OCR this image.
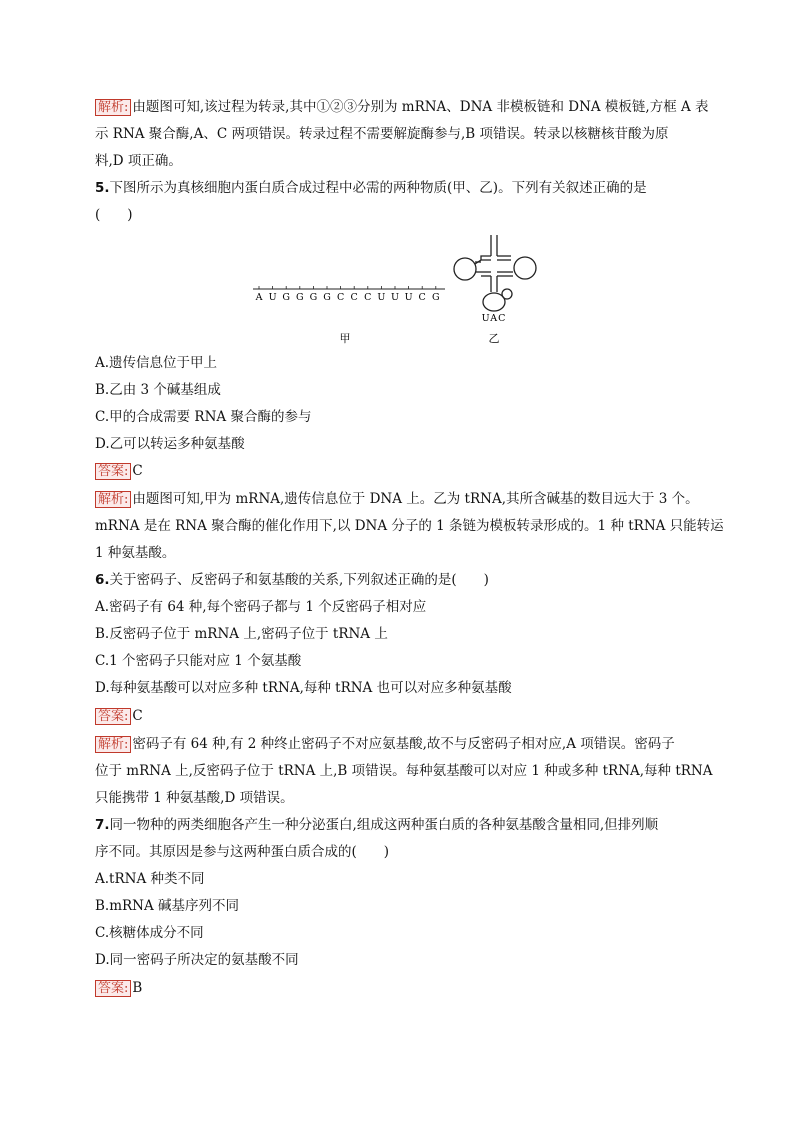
解析: 由题图可知,该过程为转录,其中①②③分别为 mRNA、DNA 非模板链和 DNA 模板链,方框 A 表
示 RNA 聚合酶,A、C 两项错误。转录过程不需要解旋酶参与,B 项错误。转录以核糖核苷酸为原
料,D 项正确。
5.下图所示为真核细胞内蛋白质合成过程中必需的两种物质(甲、乙)。下列有关叙述正确的是
(　　)
A U G G G G C C C U U U C G
甲
UAC
乙
A.遗传信息位于甲上
B.乙由 3 个碱基组成
C.甲的合成需要 RNA 聚合酶的参与
D.乙可以转运多种氨基酸
答案: C
解析: 由题图可知,甲为 mRNA,遗传信息位于 DNA 上。乙为 tRNA,其所含碱基的数目远大于 3 个。
mRNA 是在 RNA 聚合酶的催化作用下,以 DNA 分子的 1 条链为模板转录形成的。1 种 tRNA 只能转运
1 种氨基酸。
6.关于密码子、反密码子和氨基酸的关系,下列叙述正确的是(　　)
A.密码子有 64 种,每个密码子都与 1 个反密码子相对应
B.反密码子位于 mRNA 上,密码子位于 tRNA 上
C.1 个密码子只能对应 1 个氨基酸
D.每种氨基酸可以对应多种 tRNA,每种 tRNA 也可以对应多种氨基酸
答案: C
解析: 密码子有 64 种,有 2 种终止密码子不对应氨基酸,故不与反密码子相对应,A 项错误。密码子
位于 mRNA 上,反密码子位于 tRNA 上,B 项错误。每种氨基酸可以对应 1 种或多种 tRNA,每种 tRNA
只能携带 1 种氨基酸,D 项错误。
7.同一物种的两类细胞各产生一种分泌蛋白,组成这两种蛋白质的各种氨基酸含量相同,但排列顺
序不同。其原因是参与这两种蛋白质合成的(　　)
A.tRNA 种类不同
B.mRNA 碱基序列不同
C.核糖体成分不同
D.同一密码子所决定的氨基酸不同
答案: B
